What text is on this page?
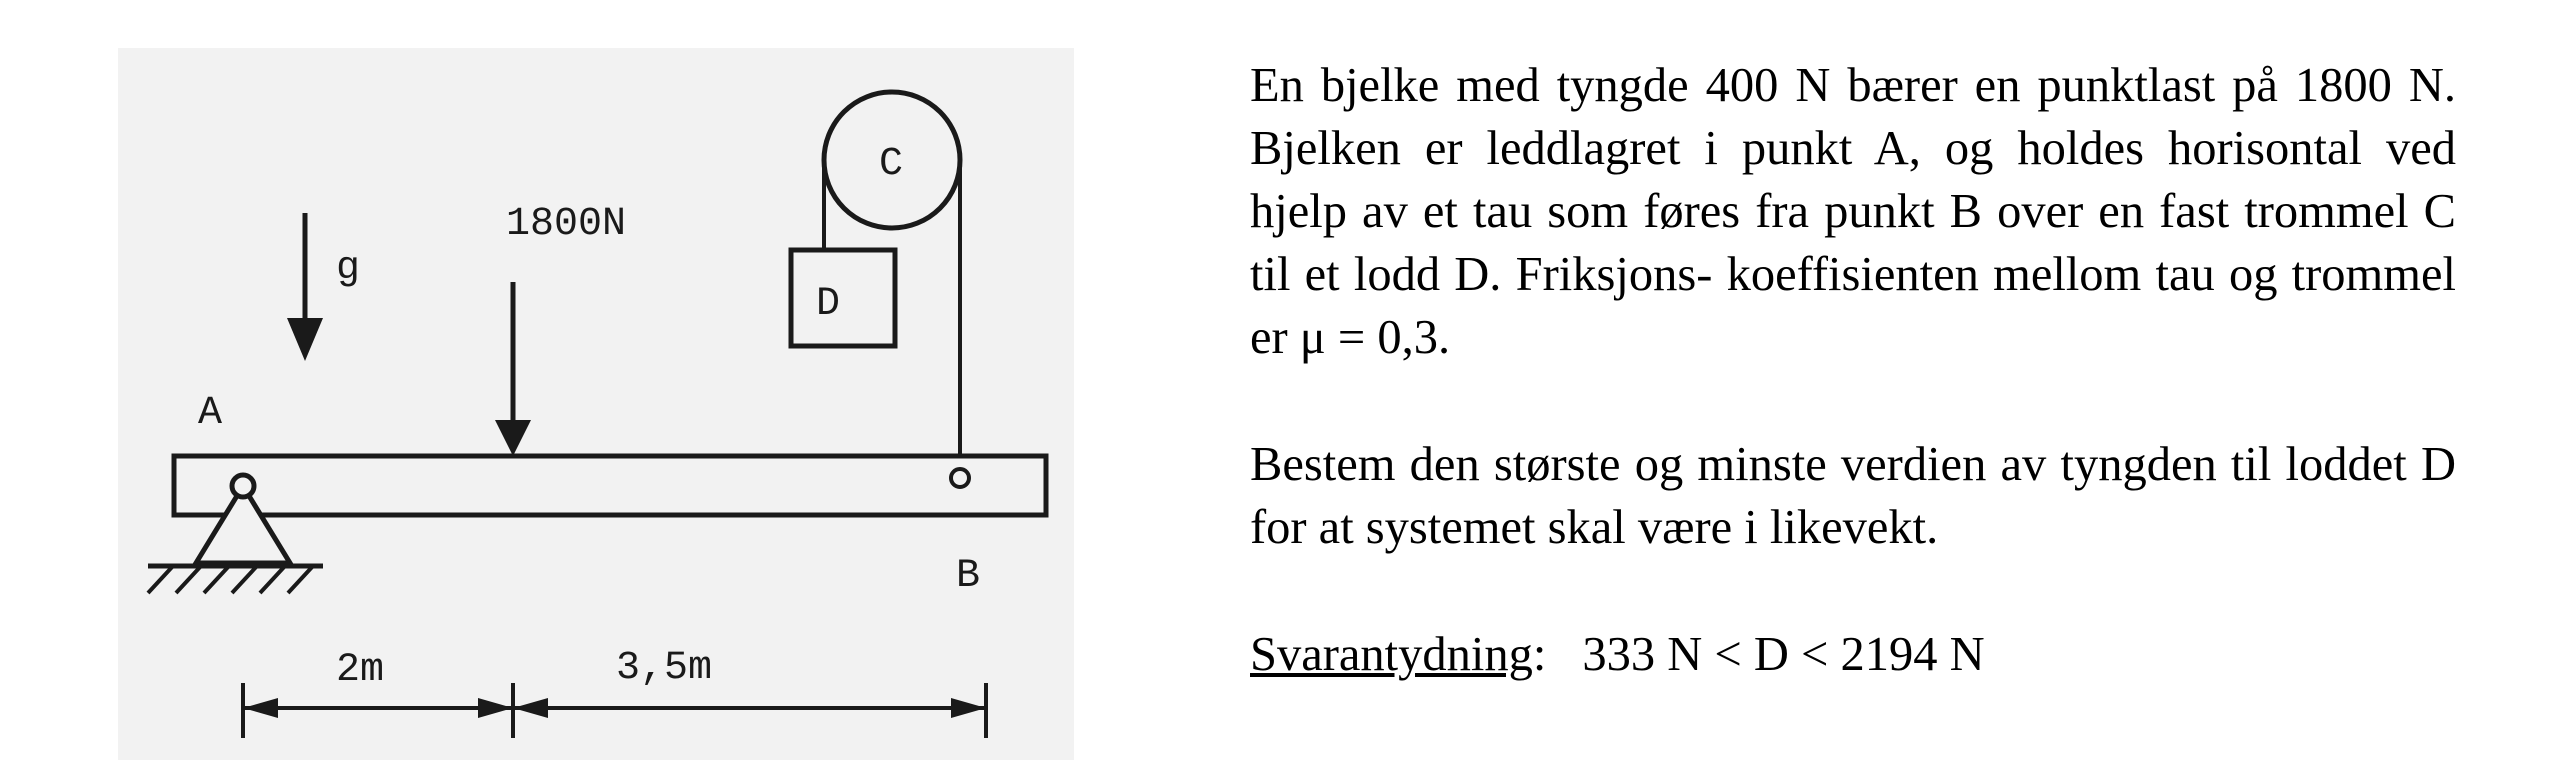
g
1800N
A
C
D
B
2m	3,5m

En bjelke med tyngde 400 N bærer en punktlast på 1800 N. Bjelken er leddlagret i punkt A, og holdes horisontal ved hjelp av et tau som føres fra punkt B over en fast trommel C til et lodd D. Friksjons- koeffisienten mellom tau og trommel er μ = 0,3.

Bestem den største og minste verdien av tyngden til loddet D for at systemet skal være i likevekt.

Svarantydning: 333 N < D < 2194 N
